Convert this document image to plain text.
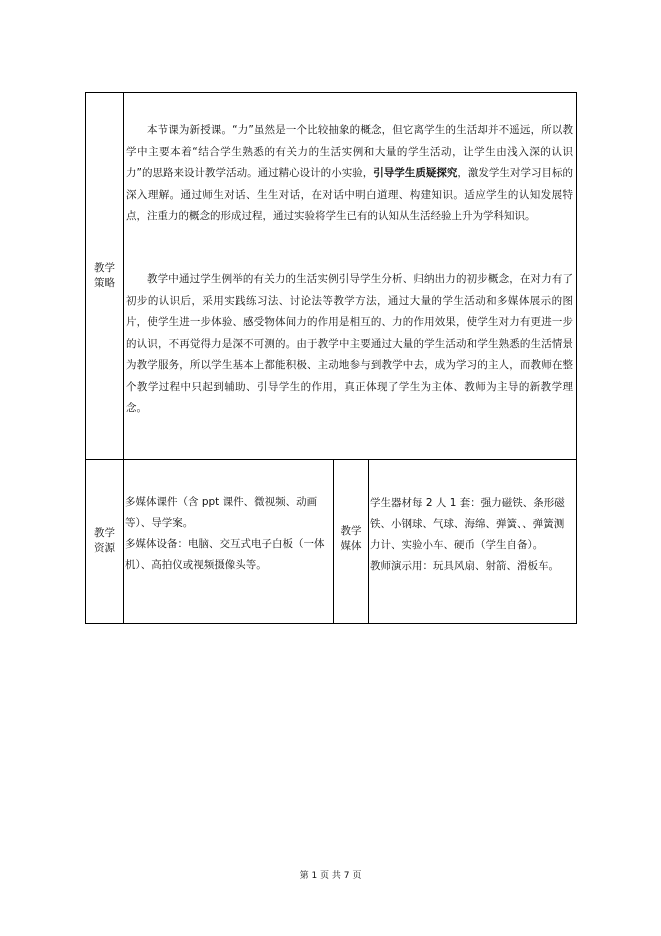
教学
策略

本节课为新授课。“力”虽然是一个比较抽象的概念，但它离学生的生活却并不遥远，所以教学中主要本着“结合学生熟悉的有关力的生活实例和大量的学生活动，让学生由浅入深的认识力”的思路来设计教学活动。通过精心设计的小实验，引导学生质疑探究，激发学生对学习目标的深入理解。通过师生对话、生生对话，在对话中明白道理、构建知识。适应学生的认知发展特点，注重力的概念的形成过程，通过实验将学生已有的认知从生活经验上升为学科知识。

教学中通过学生例举的有关力的生活实例引导学生分析、归纳出力的初步概念，在对力有了初步的认识后，采用实践练习法、讨论法等教学方法，通过大量的学生活动和多媒体展示的图片，使学生进一步体验、感受物体间力的作用是相互的、力的作用效果，使学生对力有更进一步的认识，不再觉得力是深不可测的。由于教学中主要通过大量的学生活动和学生熟悉的生活情景为教学服务，所以学生基本上都能积极、主动地参与到教学中去，成为学习的主人，而教师在整个教学过程中只起到辅助、引导学生的作用，真正体现了学生为主体、教师为主导的新教学理念。

教学
资源
多媒体课件（含 ppt 课件、微视频、动画等）、导学案。
多媒体设备：电脑、交互式电子白板（一体机）、高拍仪或视频摄像头等。
教学
媒体
学生器材每 2 人 1 套：强力磁铁、条形磁铁、小钢球、气球、海绵、弹簧、、弹簧测力计、实验小车、硬币（学生自备）。
教师演示用：玩具风扇、射箭、滑板车。
第 1 页 共 7 页
